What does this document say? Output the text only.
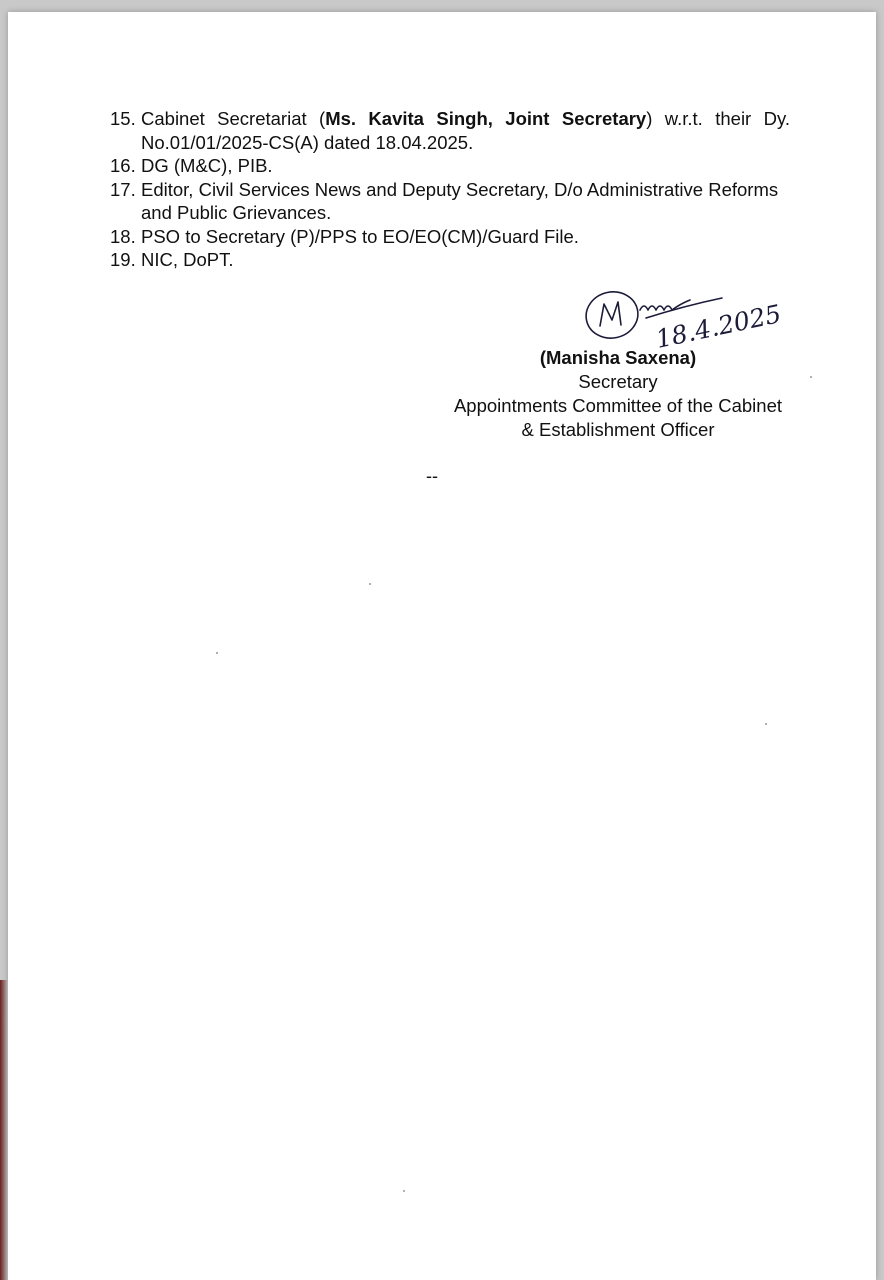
15. Cabinet Secretariat (Ms. Kavita Singh, Joint Secretary) w.r.t. their Dy. No.01/01/2025-CS(A) dated 18.04.2025.
16. DG (M&C), PIB.
17. Editor, Civil Services News and Deputy Secretary, D/o Administrative Reforms and Public Grievances.
18. PSO to Secretary (P)/PPS to EO/EO(CM)/Guard File.
19. NIC, DoPT.
18.4.2025
(Manisha Saxena)
Secretary
Appointments Committee of the Cabinet
& Establishment Officer
--
